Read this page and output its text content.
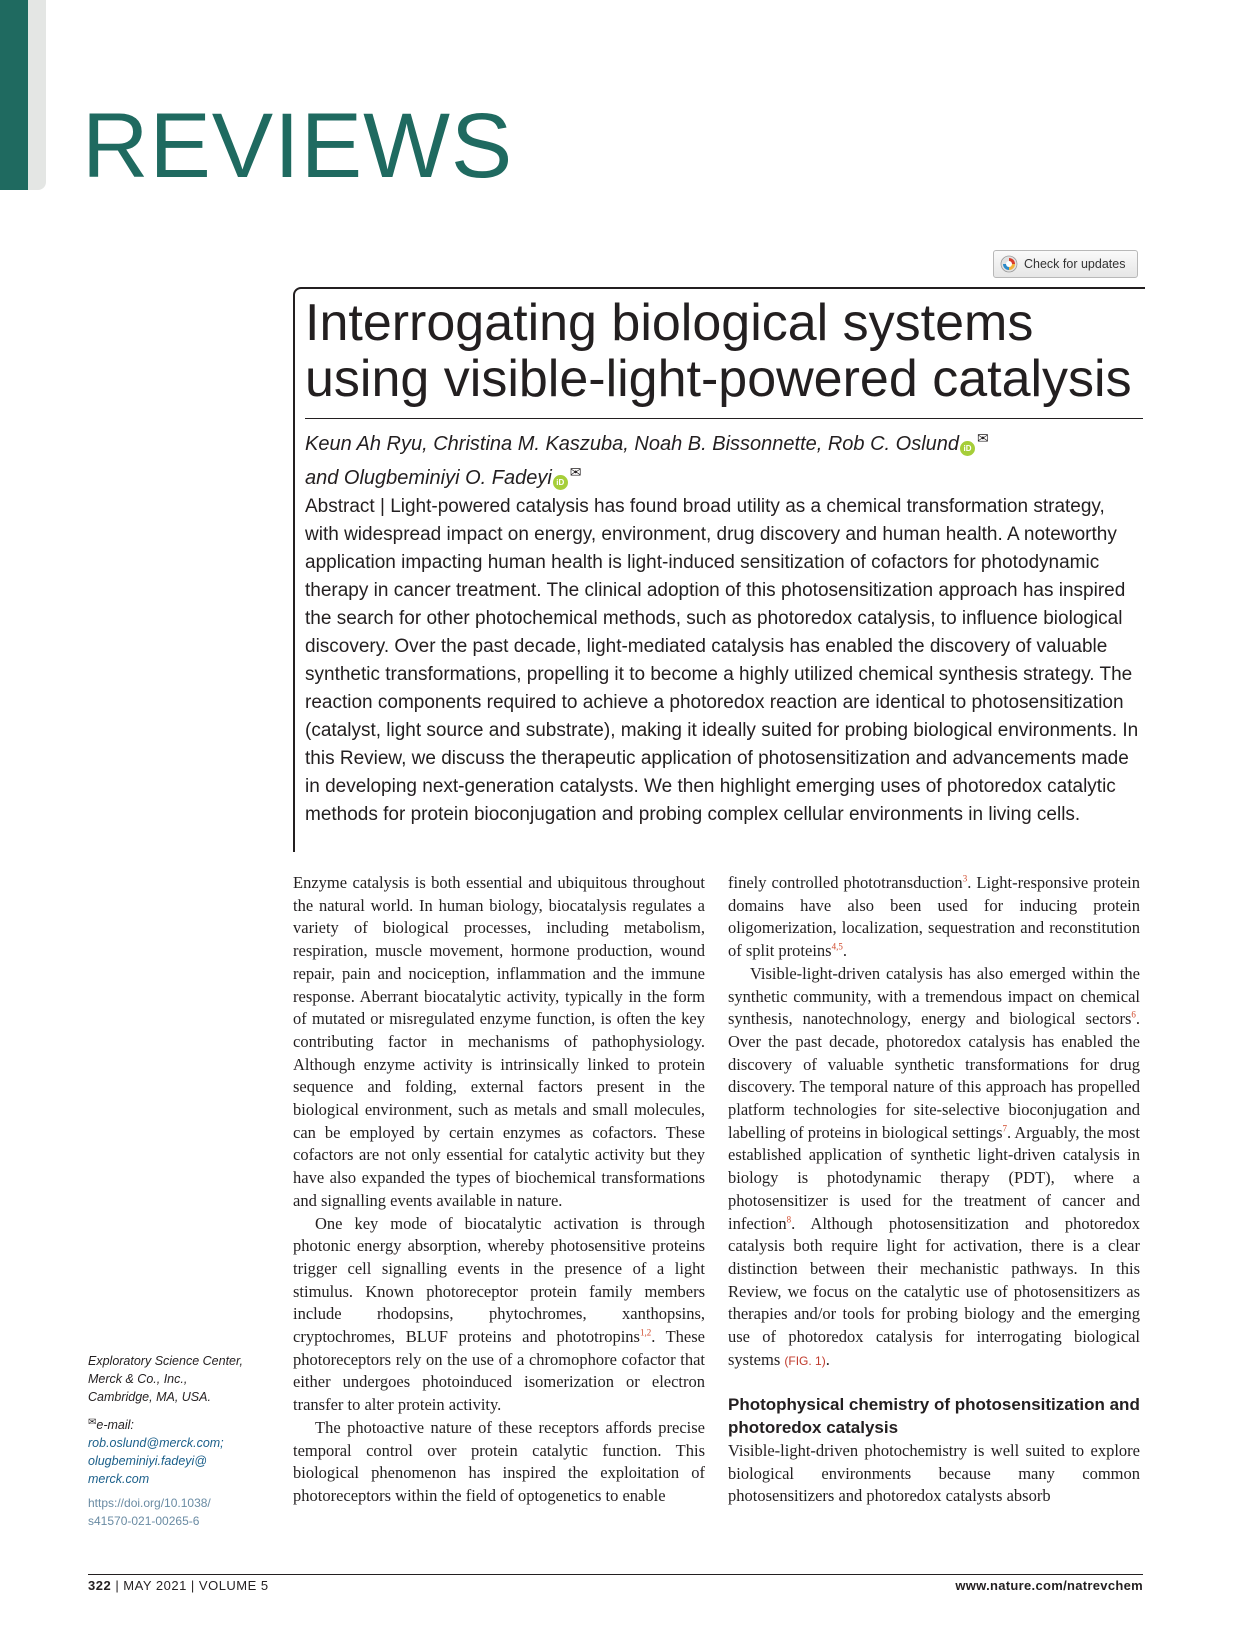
REVIEWS
Check for updates
Interrogating biological systems using visible-light-powered catalysis
Keun Ah Ryu, Christina M. Kaszuba, Noah B. Bissonnette, Rob C. Oslund iD✉
and Olugbeminiyi O. Fadeyi iD✉

Abstract | Light-powered catalysis has found broad utility as a chemical transformation strategy, with widespread impact on energy, environment, drug discovery and human health. A noteworthy application impacting human health is light-induced sensitization of cofactors for photodynamic therapy in cancer treatment. The clinical adoption of this photosensitization approach has inspired the search for other photochemical methods, such as photoredox catalysis, to influence biological discovery. Over the past decade, light-mediated catalysis has enabled the discovery of valuable synthetic transformations, propelling it to become a highly utilized chemical synthesis strategy. The reaction components required to achieve a photoredox reaction are identical to photosensitization (catalyst, light source and substrate), making it ideally suited for probing biological environments. In this Review, we discuss the therapeutic application of photosensitization and advancements made in developing next-generation catalysts. We then highlight emerging uses of photoredox catalytic methods for protein bioconjugation and probing complex cellular environments in living cells.

Enzyme catalysis is both essential and ubiquitous throughout the natural world. In human biology, biocatalysis regulates a variety of biological processes, including metabolism, respiration, muscle movement, hormone production, wound repair, pain and nociception, inflammation and the immune response. Aberrant biocatalytic activity, typically in the form of mutated or misregulated enzyme function, is often the key contributing factor in mechanisms of pathophysiology. Although enzyme activity is intrinsically linked to protein sequence and folding, external factors present in the biological environment, such as metals and small molecules, can be employed by certain enzymes as cofactors. These cofactors are not only essential for catalytic activity but they have also expanded the types of biochemical transformations and signalling events available in nature.

One key mode of biocatalytic activation is through photonic energy absorption, whereby photosensitive proteins trigger cell signalling events in the presence of a light stimulus. Known photoreceptor protein family members include rhodopsins, phytochromes, xanthopsins, cryptochromes, BLUF proteins and phototropins$^{1,2}$. These photoreceptors rely on the use of a chromophore cofactor that either undergoes photoinduced isomerization or electron transfer to alter protein activity.

The photoactive nature of these receptors affords precise temporal control over protein catalytic function. This biological phenomenon has inspired the exploitation of photoreceptors within the field of optogenetics to enable

finely controlled phototransduction$^3$. Light-responsive protein domains have also been used for inducing protein oligomerization, localization, sequestration and reconstitution of split proteins$^{4,5}$.

Visible-light-driven catalysis has also emerged within the synthetic community, with a tremendous impact on chemical synthesis, nanotechnology, energy and biological sectors$^6$. Over the past decade, photoredox catalysis has enabled the discovery of valuable synthetic transformations for drug discovery. The temporal nature of this approach has propelled platform technologies for site-selective bioconjugation and labelling of proteins in biological settings$^7$. Arguably, the most established application of synthetic light-driven catalysis in biology is photodynamic therapy (PDT), where a photosensitizer is used for the treatment of cancer and infection$^8$. Although photosensitization and photoredox catalysis both require light for activation, there is a clear distinction between their mechanistic pathways. In this Review, we focus on the catalytic use of photosensitizers as therapies and/or tools for probing biology and the emerging use of photoredox catalysis for interrogating biological systems (FIG. 1).

Photophysical chemistry of photosensitization and photoredox catalysis

Visible-light-driven photochemistry is well suited to explore biological environments because many common photosensitizers and photoredox catalysts absorb

Exploratory Science Center,
Merck & Co., Inc.,
Cambridge, MA, USA.
✉e-mail:
rob.oslund@merck.com;
olugbeminiyi.fadeyi@
merck.com
https://doi.org/10.1038/
s41570-021-00265-6
322 | MAY 2021 | VOLUME 5	www.nature.com/natrevchem
